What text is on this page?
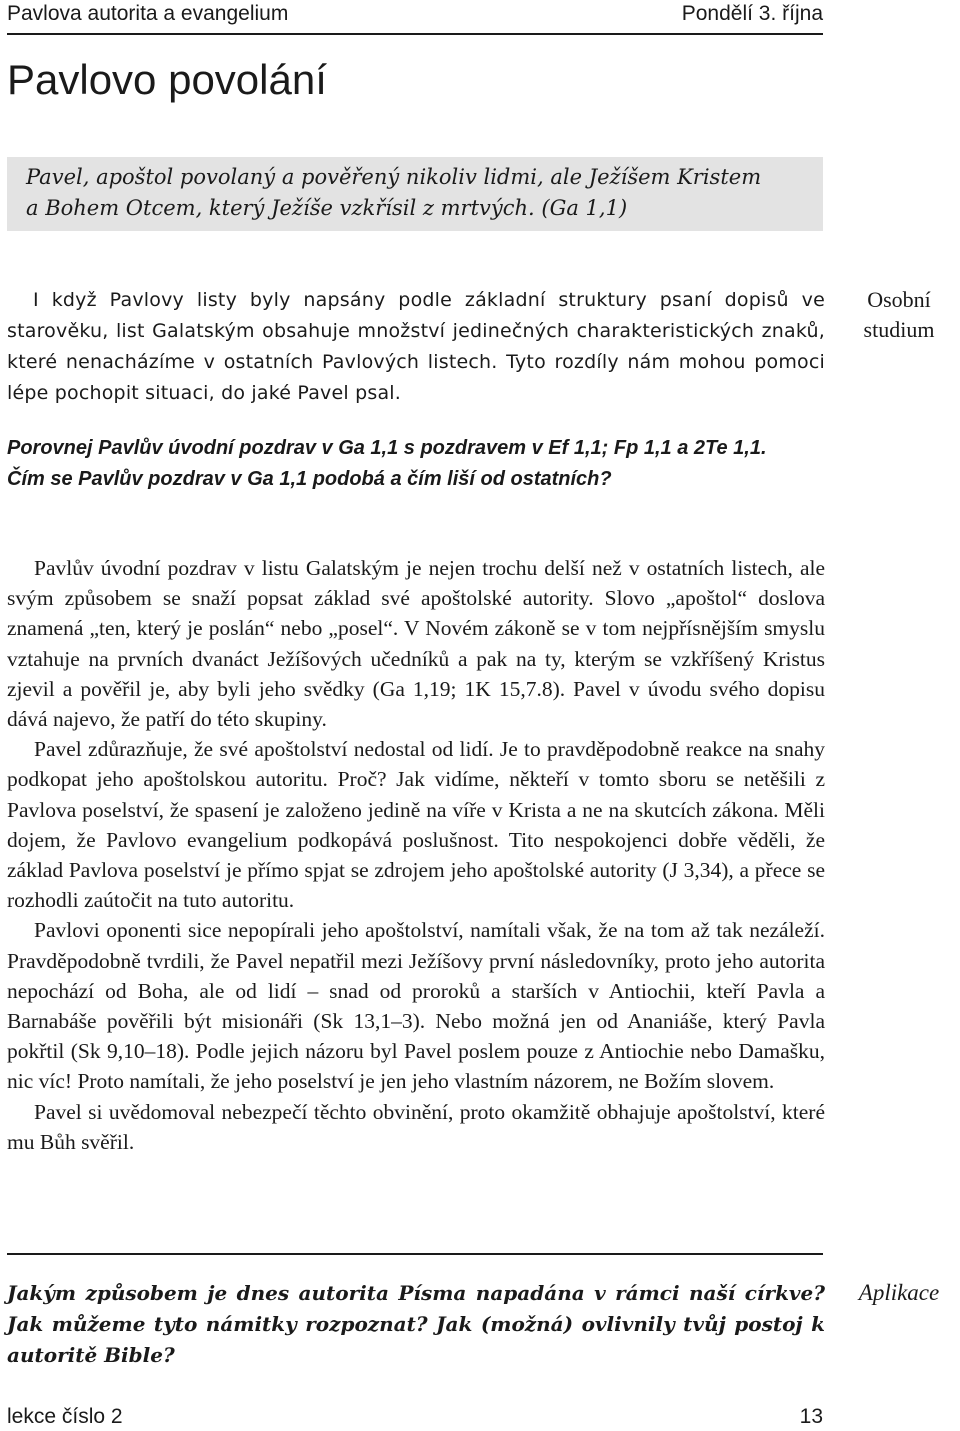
Pavlova autorita a evangelium	Pondělí 3. října
Pavlovo povolání
Pavel, apoštol povolaný a pověřený nikoliv lidmi, ale Ježíšem Kristem
a Bohem Otcem, který Ježíše vzkřísil z mrtvých. (Ga 1,1)
I když Pavlovy listy byly napsány podle základní struktury psaní dopisů ve starověku, list Galatským obsahuje množství jedinečných charakteristických znaků, které nenacházíme v ostatních Pavlových listech. Tyto rozdíly nám mohou pomoci lépe pochopit situaci, do jaké Pavel psal.
Osobní studium
Porovnej Pavlův úvodní pozdrav v Ga 1,1 s pozdravem v Ef 1,1; Fp 1,1 a 2Te 1,1.
Čím se Pavlův pozdrav v Ga 1,1 podobá a čím liší od ostatních?

Pavlův úvodní pozdrav v listu Galatským je nejen trochu delší než v ostatních listech, ale svým způsobem se snaží popsat základ své apoštolské autority. Slovo „apoštol“ doslova znamená „ten, který je poslán“ nebo „posel“. V Novém zákoně se v tom nejpřísnějším smyslu vztahuje na prvních dvanáct Ježíšových učedníků a pak na ty, kterým se vzkříšený Kristus zjevil a pověřil je, aby byli jeho svědky (Ga 1,19; 1K 15,7.8). Pavel v úvodu svého dopisu dává najevo, že patří do této skupiny.

Pavel zdůrazňuje, že své apoštolství nedostal od lidí. Je to pravděpodobně reakce na snahy podkopat jeho apoštolskou autoritu. Proč? Jak vidíme, někteří v tomto sboru se netěšili z Pavlova poselství, že spasení je založeno jedině na víře v Krista a ne na skutcích zákona. Měli dojem, že Pavlovo evangelium podkopává poslušnost. Tito nespokojenci dobře věděli, že základ Pavlova poselství je přímo spjat se zdrojem jeho apoštolské autority (J 3,34), a přece se rozhodli zaútočit na tuto autoritu.

Pavlovi oponenti sice nepopírali jeho apoštolství, namítali však, že na tom až tak nezáleží. Pravděpodobně tvrdili, že Pavel nepatřil mezi Ježíšovy první následovníky, proto jeho autorita nepochází od Boha, ale od lidí – snad od proroků a starších v Antiochii, kteří Pavla a Barnabáše pověřili být misionáři (Sk 13,1–3). Nebo možná jen od Ananiáše, který Pavla pokřtil (Sk 9,10–18). Podle jejich názoru byl Pavel poslem pouze z Antiochie nebo Damašku, nic víc! Proto namítali, že jeho poselství je jen jeho vlastním názorem, ne Božím slovem.

Pavel si uvědomoval nebezpečí těchto obvinění, proto okamžitě obhajuje apoštolství, které mu Bůh svěřil.

Jakým způsobem je dnes autorita Písma napadána v rámci naší církve? Jak můžeme tyto námitky rozpoznat? Jak (možná) ovlivnily tvůj postoj k autoritě Bible?
Aplikace
lekce číslo 2	13
